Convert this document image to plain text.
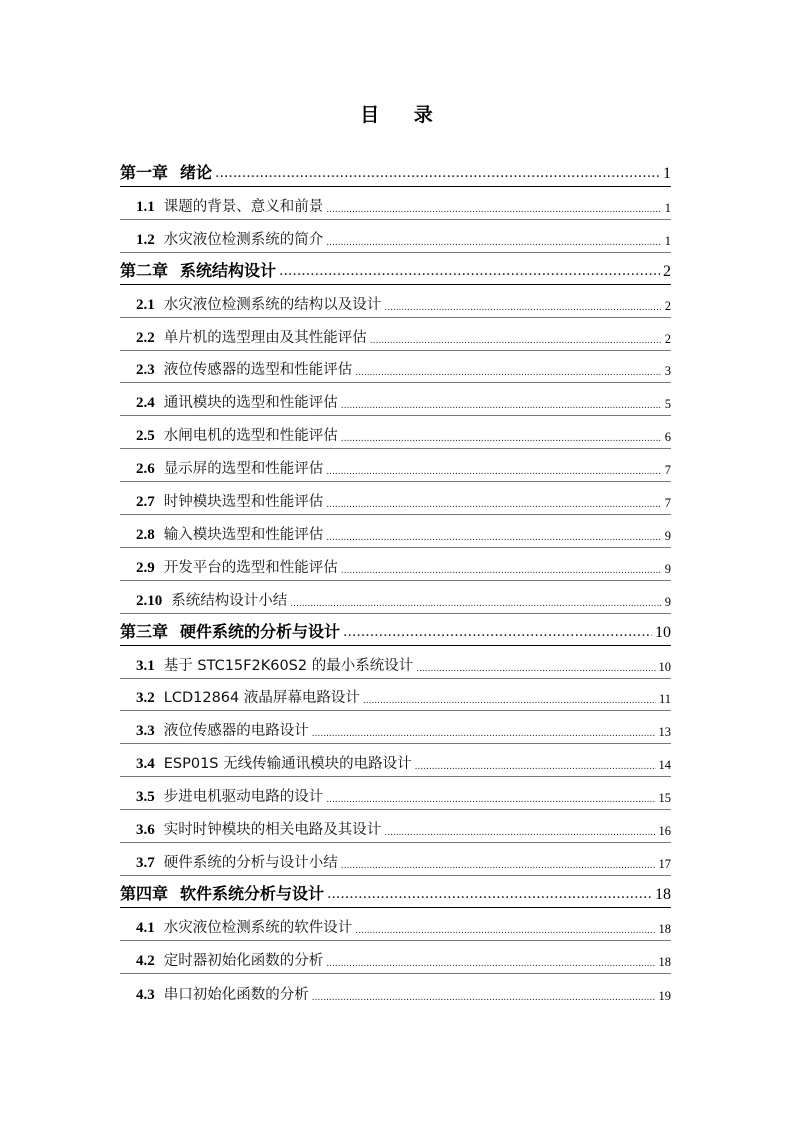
目 录
第一章 绪论 .....	1
1.1 课题的背景、意义和前景 .....	1
1.2 水灾液位检测系统的简介 .....	1
第二章 系统结构设计 .....	2
2.1 水灾液位检测系统的结构以及设计 .....	2
2.2 单片机的选型理由及其性能评估 .....	2
2.3 液位传感器的选型和性能评估 .....	3
2.4 通讯模块的选型和性能评估 .....	5
2.5 水闸电机的选型和性能评估 .....	6
2.6 显示屏的选型和性能评估 .....	7
2.7 时钟模块选型和性能评估 .....	7
2.8 输入模块选型和性能评估 .....	9
2.9 开发平台的选型和性能评估 .....	9
2.10 系统结构设计小结 .....	9
第三章 硬件系统的分析与设计 .....	10
3.1 基于 STC15F2K60S2 的最小系统设计 .....	10
3.2 LCD12864 液晶屏幕电路设计 .....	11
3.3 液位传感器的电路设计 .....	13
3.4 ESP01S 无线传输通讯模块的电路设计 .....	14
3.5 步进电机驱动电路的设计 .....	15
3.6 实时时钟模块的相关电路及其设计 .....	16
3.7 硬件系统的分析与设计小结 .....	17
第四章 软件系统分析与设计 .....	18
4.1 水灾液位检测系统的软件设计 .....	18
4.2 定时器初始化函数的分析 .....	18
4.3 串口初始化函数的分析 .....	19
